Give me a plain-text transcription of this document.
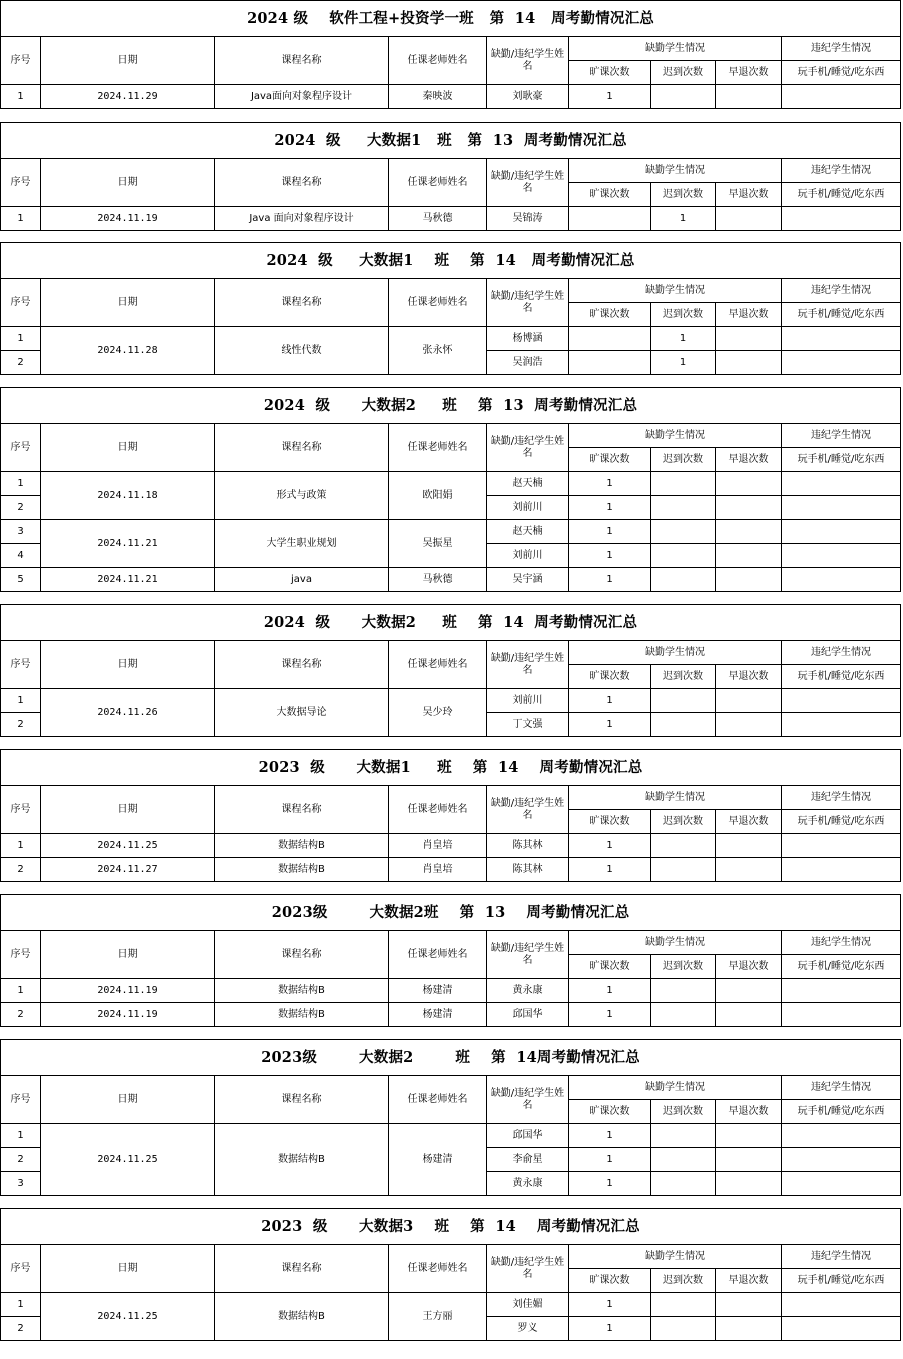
2024 级    软件工程+投资学一班   第  14   周考勤情况汇总								
序号	日期	课程名称	任课老师姓名	缺勤/违纪学生姓名	缺勤学生情况			违纪学生情况
					旷课次数	迟到次数	早退次数	玩手机/睡觉/吃东西
1	2024.11.29	Java面向对象程序设计	秦映波	刘耿豪	1			
2024  级     大数据1   班   第  13  周考勤情况汇总								
序号	日期	课程名称	任课老师姓名	缺勤/违纪学生姓名	缺勤学生情况			违纪学生情况
					旷课次数	迟到次数	早退次数	玩手机/睡觉/吃东西
1	2024.11.19	Java 面向对象程序设计	马秋德	吴锦涛		1		
2024  级     大数据1    班    第  14   周考勤情况汇总								
序号	日期	课程名称	任课老师姓名	缺勤/违纪学生姓名	缺勤学生情况			违纪学生情况
					旷课次数	迟到次数	早退次数	玩手机/睡觉/吃东西
1	2024.11.28	线性代数	张永怀	杨博涵		1		
2				吴润浩		1		
2024  级      大数据2     班    第  13  周考勤情况汇总								
序号	日期	课程名称	任课老师姓名	缺勤/违纪学生姓名	缺勤学生情况			违纪学生情况
					旷课次数	迟到次数	早退次数	玩手机/睡觉/吃东西
1	2024.11.18	形式与政策	欧阳娟	赵天楠	1			
2				刘前川	1			
3	2024.11.21	大学生职业规划	吴振星	赵天楠	1			
4				刘前川	1			
5	2024.11.21	java	马秋德	吴宇涵	1			
2024  级      大数据2     班    第  14  周考勤情况汇总								
序号	日期	课程名称	任课老师姓名	缺勤/违纪学生姓名	缺勤学生情况			违纪学生情况
					旷课次数	迟到次数	早退次数	玩手机/睡觉/吃东西
1	2024.11.26	大数据导论	吴少玲	刘前川	1			
2				丁文强	1			
2023  级      大数据1     班    第  14    周考勤情况汇总								
序号	日期	课程名称	任课老师姓名	缺勤/违纪学生姓名	缺勤学生情况			违纪学生情况
					旷课次数	迟到次数	早退次数	玩手机/睡觉/吃东西
1	2024.11.25	数据结构B	肖皇培	陈其林	1			
2	2024.11.27	数据结构B	肖皇培	陈其林	1			
2023级        大数据2班    第  13    周考勤情况汇总								
序号	日期	课程名称	任课老师姓名	缺勤/违纪学生姓名	缺勤学生情况			违纪学生情况
					旷课次数	迟到次数	早退次数	玩手机/睡觉/吃东西
1	2024.11.19	数据结构B	杨建清	黄永康	1			
2	2024.11.19	数据结构B	杨建清	邱国华	1			
2023级        大数据2        班    第  14周考勤情况汇总								
序号	日期	课程名称	任课老师姓名	缺勤/违纪学生姓名	缺勤学生情况			违纪学生情况
					旷课次数	迟到次数	早退次数	玩手机/睡觉/吃东西
1	2024.11.25	数据结构B	杨建清	邱国华	1			
2				李俞星	1			
3				黄永康	1			
2023  级      大数据3    班    第  14    周考勤情况汇总								
序号	日期	课程名称	任课老师姓名	缺勤/违纪学生姓名	缺勤学生情况			违纪学生情况
					旷课次数	迟到次数	早退次数	玩手机/睡觉/吃东西
1	2024.11.25	数据结构B	王方丽	刘佳媚	1			
2				罗义	1			
